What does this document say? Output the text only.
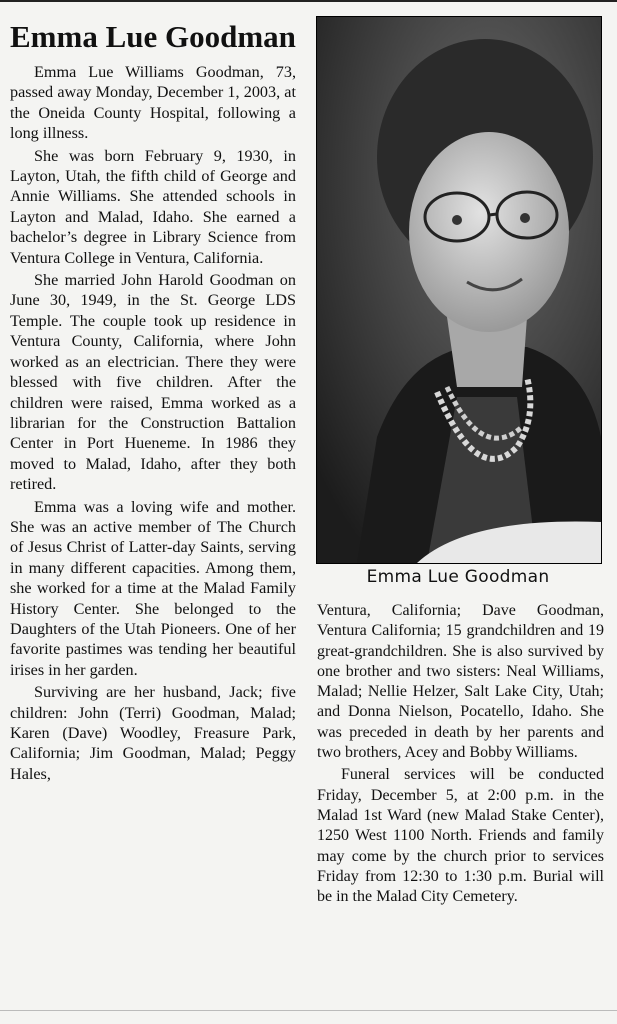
Emma Lue Goodman

Emma Lue Williams Goodman, 73, passed away Monday, December 1, 2003, at the Oneida County Hospital, following a long illness.

She was born February 9, 1930, in Layton, Utah, the fifth child of George and Annie Williams. She attended schools in Layton and Malad, Idaho. She earned a bachelor’s degree in Library Science from Ventura College in Ventura, California.

She married John Harold Goodman on June 30, 1949, in the St. George LDS Temple. The couple took up residence in Ventura County, California, where John worked as an electrician. There they were blessed with five children. After the children were raised, Emma worked as a librarian for the Construction Battalion Center in Port Hueneme. In 1986 they moved to Malad, Idaho, after they both retired.

Emma was a loving wife and mother. She was an active member of The Church of Jesus Christ of Latter-day Saints, serving in many different capacities. Among them, she worked for a time at the Malad Family History Center. She belonged to the Daughters of the Utah Pioneers. One of her favorite pastimes was tending her beautiful irises in her garden.

Surviving are her husband, Jack; five children: John (Terri) Goodman, Malad; Karen (Dave) Woodley, Freasure Park, California; Jim Goodman, Malad; Peggy Hales,

Emma Lue Goodman

Ventura, California; Dave Goodman, Ventura California; 15 grandchildren and 19 great-grandchildren. She is also survived by one brother and two sisters: Neal Williams, Malad; Nellie Helzer, Salt Lake City, Utah; and Donna Nielson, Pocatello, Idaho. She was preceded in death by her parents and two brothers, Acey and Bobby Williams.

Funeral services will be conducted Friday, December 5, at 2:00 p.m. in the Malad 1st Ward (new Malad Stake Center), 1250 West 1100 North. Friends and family may come by the church prior to services Friday from 12:30 to 1:30 p.m. Burial will be in the Malad City Cemetery.
